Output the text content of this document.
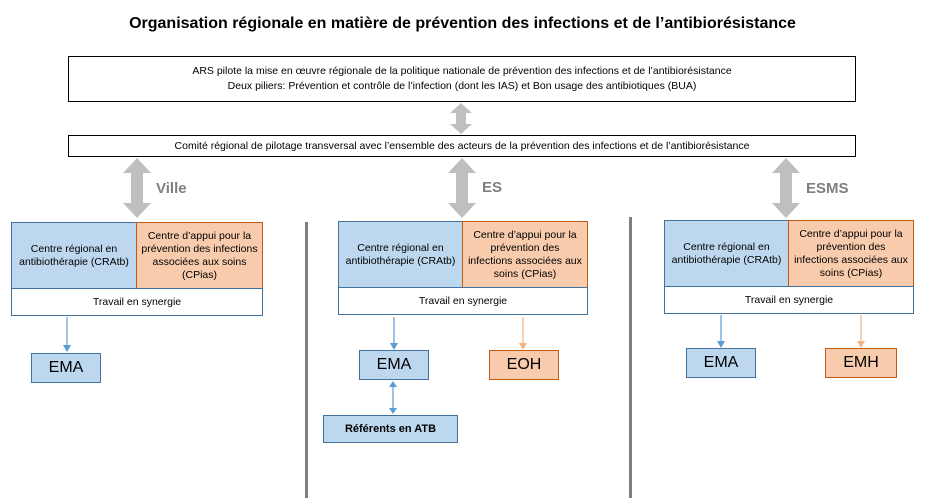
Organisation régionale en matière de prévention des infections et de l’antibiorésistance
ARS pilote la mise en œuvre régionale de la politique nationale de prévention des infections et de l’antibiorésistance
Deux piliers: Prévention et contrôle de l’infection (dont les IAS) et Bon usage des antibiotiques (BUA)
Comité régional de pilotage transversal avec l’ensemble des acteurs de la prévention des infections et de l’antibiorésistance
Ville	ES	ESMS
Centre régional en antibiothérapie (CRAtb)
Centre d’appui pour la prévention des infections associées aux soins (CPias)
Travail en synergie
EMA
Centre régional en antibiothérapie (CRAtb)
Centre d’appui pour la prévention des infections associées aux soins (CPias)
Travail en synergie
EMA	EOH
Référents en ATB
Centre régional en antibiothérapie (CRAtb)
Centre d’appui pour la prévention des infections associées aux soins (CPias)
Travail en synergie
EMA	EMH
